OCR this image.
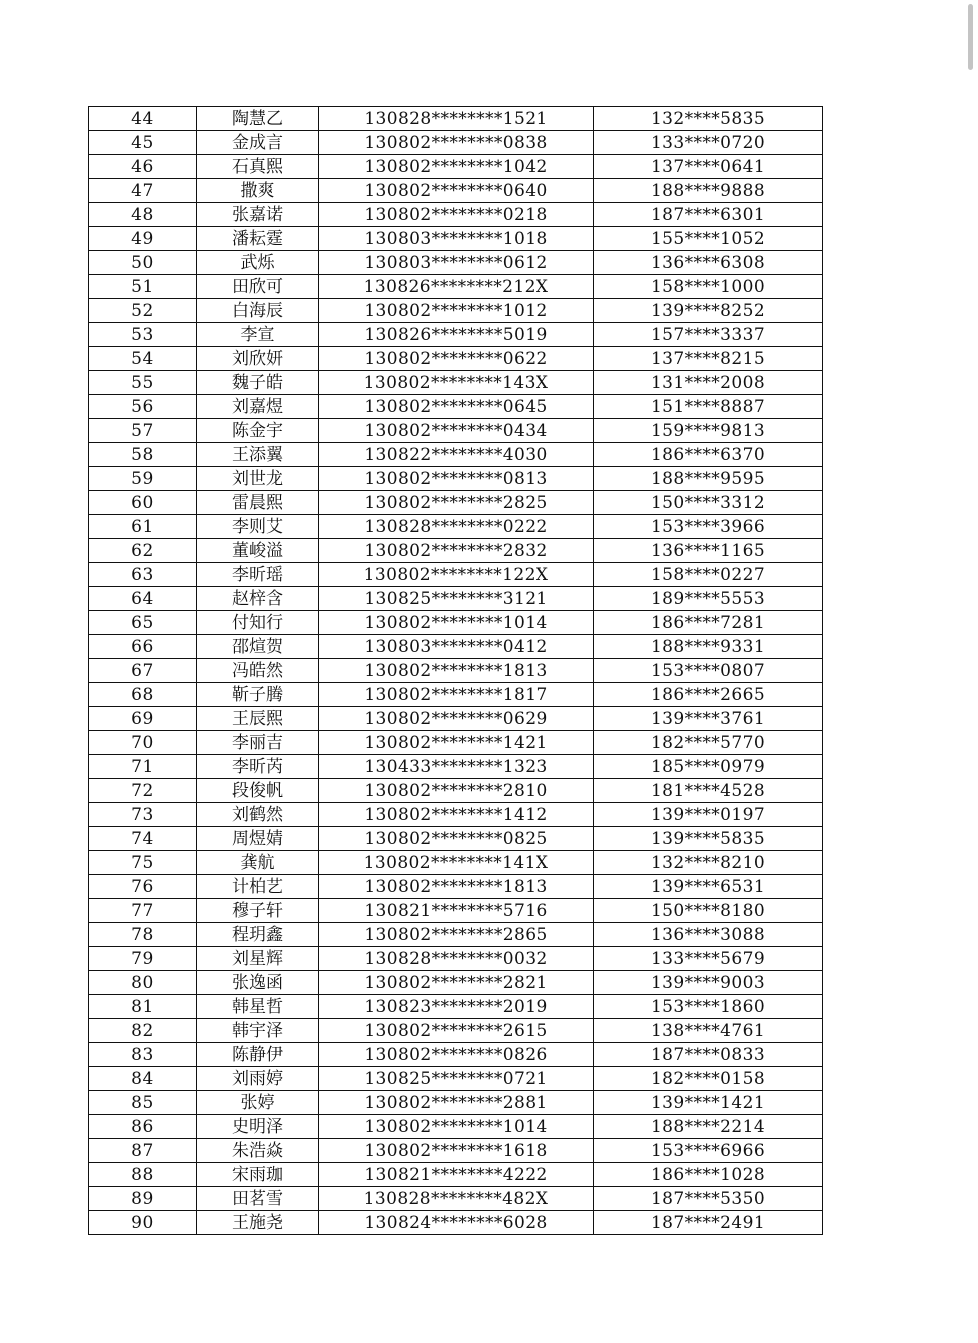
44	陶慧乙	130828********1521	132****5835
45	金成言	130802********0838	133****0720
46	石真熙	130802********1042	137****0641
47	撒爽	130802********0640	188****9888
48	张嘉诺	130802********0218	187****6301
49	潘耘霆	130803********1018	155****1052
50	武烁	130803********0612	136****6308
51	田欣可	130826********212X	158****1000
52	白海辰	130802********1012	139****8252
53	李宣	130826********5019	157****3337
54	刘欣妍	130802********0622	137****8215
55	魏子皓	130802********143X	131****2008
56	刘嘉煜	130802********0645	151****8887
57	陈金宇	130802********0434	159****9813
58	王添翼	130822********4030	186****6370
59	刘世龙	130802********0813	188****9595
60	雷晨熙	130802********2825	150****3312
61	李则艾	130828********0222	153****3966
62	董峻溢	130802********2832	136****1165
63	李昕瑶	130802********122X	158****0227
64	赵梓含	130825********3121	189****5553
65	付知行	130802********1014	186****7281
66	邵煊贺	130803********0412	188****9331
67	冯皓然	130802********1813	153****0807
68	靳子腾	130802********1817	186****2665
69	王辰熙	130802********0629	139****3761
70	李丽吉	130802********1421	182****5770
71	李昕芮	130433********1323	185****0979
72	段俊帆	130802********2810	181****4528
73	刘鹤然	130802********1412	139****0197
74	周煜婧	130802********0825	139****5835
75	龚航	130802********141X	132****8210
76	计柏艺	130802********1813	139****6531
77	穆子轩	130821********5716	150****8180
78	程玥鑫	130802********2865	136****3088
79	刘星辉	130828********0032	133****5679
80	张逸函	130802********2821	139****9003
81	韩星哲	130823********2019	153****1860
82	韩宇泽	130802********2615	138****4761
83	陈静伊	130802********0826	187****0833
84	刘雨婷	130825********0721	182****0158
85	张婷	130802********2881	139****1421
86	史明泽	130802********1014	188****2214
87	朱浩焱	130802********1618	153****6966
88	宋雨珈	130821********4222	186****1028
89	田茗雪	130828********482X	187****5350
90	王施尧	130824********6028	187****2491
